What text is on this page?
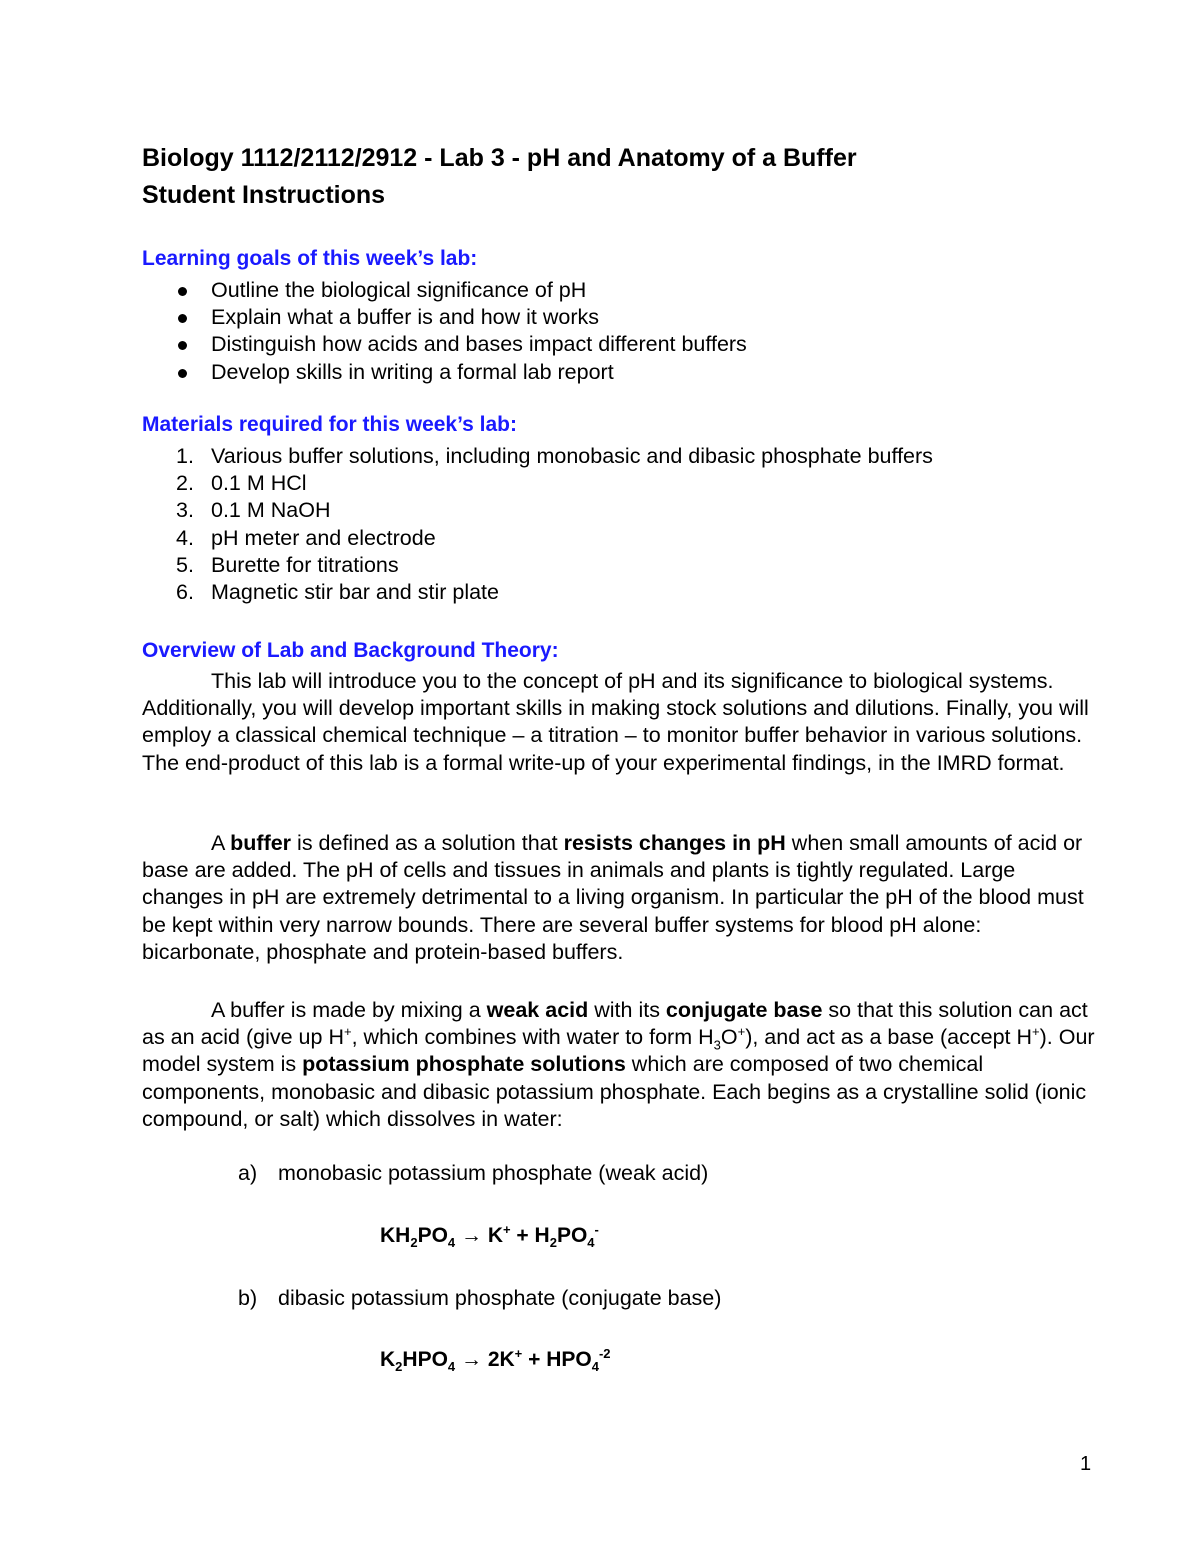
Biology 1112/2112/2912 - Lab 3 - pH and Anatomy of a Buffer
Student Instructions
Learning goals of this week’s lab:
Outline the biological significance of pH
Explain what a buffer is and how it works
Distinguish how acids and bases impact different buffers
Develop skills in writing a formal lab report
Materials required for this week’s lab:
1. Various buffer solutions, including monobasic and dibasic phosphate buffers
2. 0.1 M HCl
3. 0.1 M NaOH
4. pH meter and electrode
5. Burette for titrations
6. Magnetic stir bar and stir plate
Overview of Lab and Background Theory:

This lab will introduce you to the concept of pH and its significance to biological systems. Additionally, you will develop important skills in making stock solutions and dilutions. Finally, you will employ a classical chemical technique – a titration – to monitor buffer behavior in various solutions. The end-product of this lab is a formal write-up of your experimental findings, in the IMRD format.

A buffer is defined as a solution that resists changes in pH when small amounts of acid or base are added. The pH of cells and tissues in animals and plants is tightly regulated. Large changes in pH are extremely detrimental to a living organism. In particular the pH of the blood must be kept within very narrow bounds. There are several buffer systems for blood pH alone: bicarbonate, phosphate and protein-based buffers.

A buffer is made by mixing a weak acid with its conjugate base so that this solution can act as an acid (give up H+, which combines with water to form $H_3O^+$), and act as a base (accept H+). Our model system is potassium phosphate solutions which are composed of two chemical components, monobasic and dibasic potassium phosphate. Each begins as a crystalline solid (ionic compound, or salt) which dissolves in water:

a) monobasic potassium phosphate (weak acid)
$KH_2PO_4 \to K^+ + H_2PO_4^-$
b) dibasic potassium phosphate (conjugate base)
$K_2HPO_4 \to 2K^+ + HPO_4^{-2}$
1
